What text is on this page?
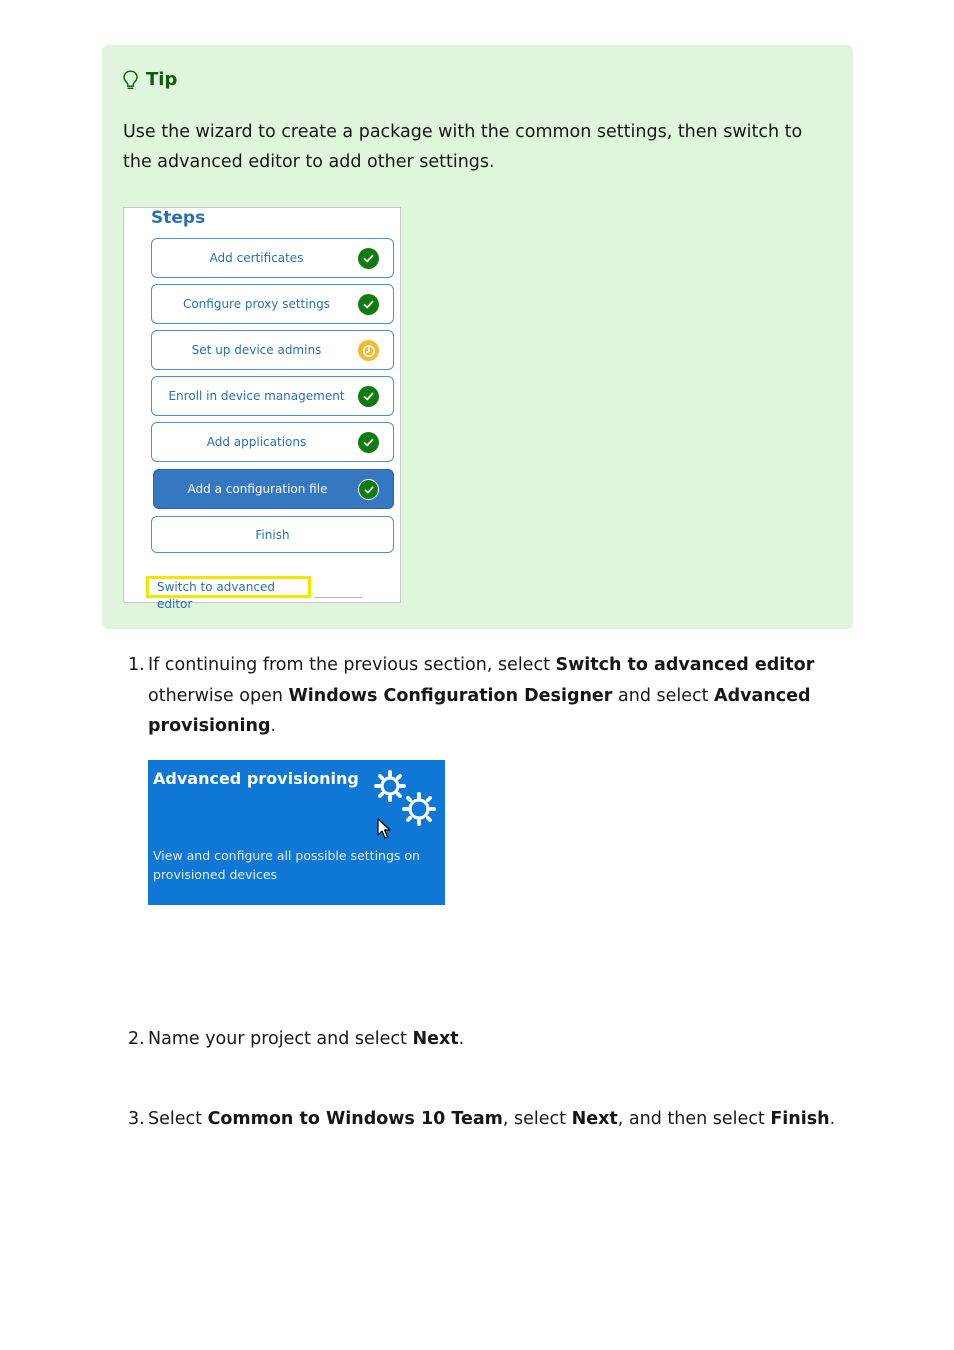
Tip
Use the wizard to create a package with the common settings, then switch to the advanced editor to add other settings.
Steps
Add certificates
Configure proxy settings
Set up device admins
Enroll in device management
Add applications
Add a configuration file
Finish
Switch to advanced editor
1. If continuing from the previous section, select Switch to advanced editor
otherwise open Windows Configuration Designer and select Advanced provisioning.
2. Name your project and select Next.
3. Select Common to Windows 10 Team, select Next, and then select Finish.
Advanced provisioning
View and configure all possible settings on provisioned devices
